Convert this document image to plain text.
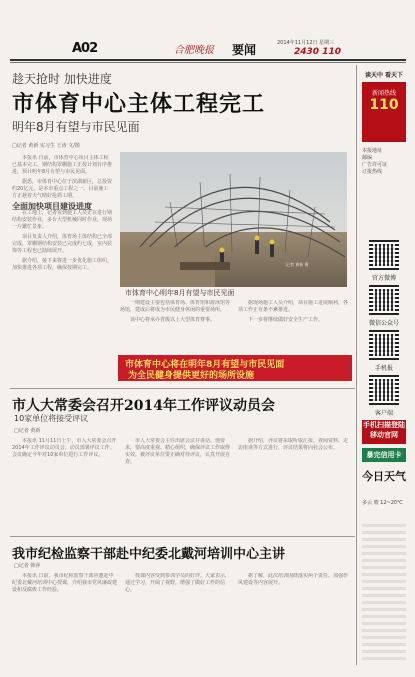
A02	合肥晚报 要闻	2014年11月12日 星期三
2430 110
趁天抢时 加快进度
市体育中心主体工程完工
明年8月有望与市民见面
□记者 黄新 实习生 王涛 文/图

本报讯 日前，市体育中心项目主体工程已基本完工，钢结构罩棚施工正按计划有序推进，预计明年8月有望与市民见面。

据悉，市体育中心位于滨湖新区，总投资约20亿元，是本市重点工程之一。目前施工方正趁着天气晴好抢抓工期。

全面加快项目建设进度

在工地上，记者看到施工人员正在进行钢结构安装作业，多台大型机械同时作业，现场一片繁忙景象。

项目负责人介绍，体育场主体结构已全部完成，罩棚钢结构安装已完成约七成，室内装饰等工程也已陆续展开。

据介绍，接下来将进一步优化施工组织，加快推进各项工程，确保按期完工。

记者 黄新 摄
市体育中心明年8月有望与市民见面

一期建设主要包括体育场、体育馆和游泳馆等场馆，建成后将成为市民健身休闲的重要场所。

该中心将承办省级以上大型体育赛事。

据现场施工人员介绍，项目施工进展顺利，各项工作正有条不紊推进。

下一步将继续做好安全生产工作。

市体育中心将在明年8月有望与市民见面
为全民健身提供更好的场所设施
市人大常委会召开2014年工作评议动员会
10家单位将接受评议
□记者 黄新

本报讯 11月11日上午，市人大常委会召开2014年工作评议动员会，动员部署评议工作。会议确定今年对10家单位进行工作评议。

市人大常委会主任出席会议并讲话。他要求，要高度重视、精心组织，确保评议工作取得实效。被评议单位要正确对待评议，认真开展自查。

据介绍，评议将采取听取汇报、查阅资料、走访座谈等方式进行，评议结果将向社会公布。

我市纪检监察干部赴中纪委北戴河培训中心主讲
□记者 韩萍

本报讯 日前，我市纪检监察干部应邀赴中纪委北戴河培训中心授课，介绍我市党风廉政建设和反腐败工作经验。

授课内容受到参训学员的好评。大家表示，通过学习，开阔了视野，增强了做好工作的信心。

据了解，此次培训围绕落实两个责任、加强作风建设等内容展开。

读天中 看天下
新闻热线
110
本报地址
邮编
广告许可证
订报热线
官方微博
微信公众号
手机报
客户端
手机扫描登陆移动官网
暴完信用卡
今日天气
多云 晴 12~20℃
